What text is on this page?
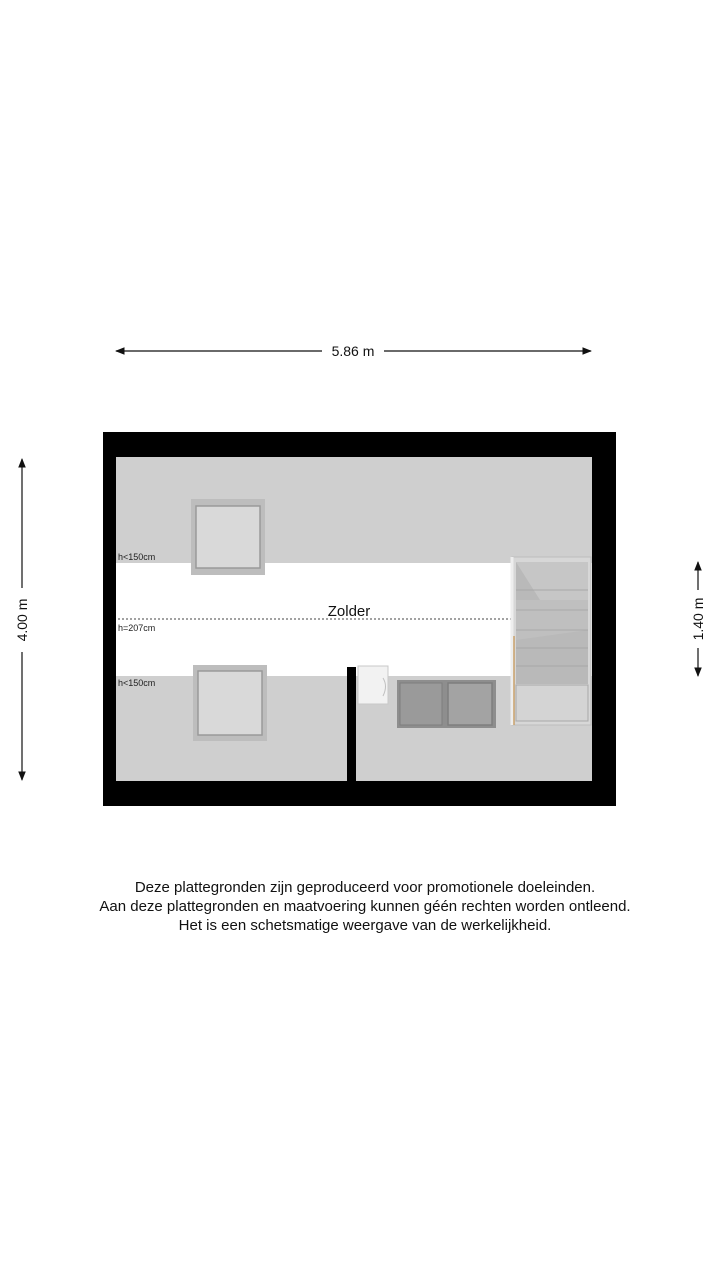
5.86 m
4.00 m	1.40 m
h<150cm
h=207cm
h<150cm
Zolder
Deze plattegronden zijn geproduceerd voor promotionele doeleinden.
Aan deze plattegronden en maatvoering kunnen géén rechten worden ontleend.
Het is een schetsmatige weergave van de werkelijkheid.
